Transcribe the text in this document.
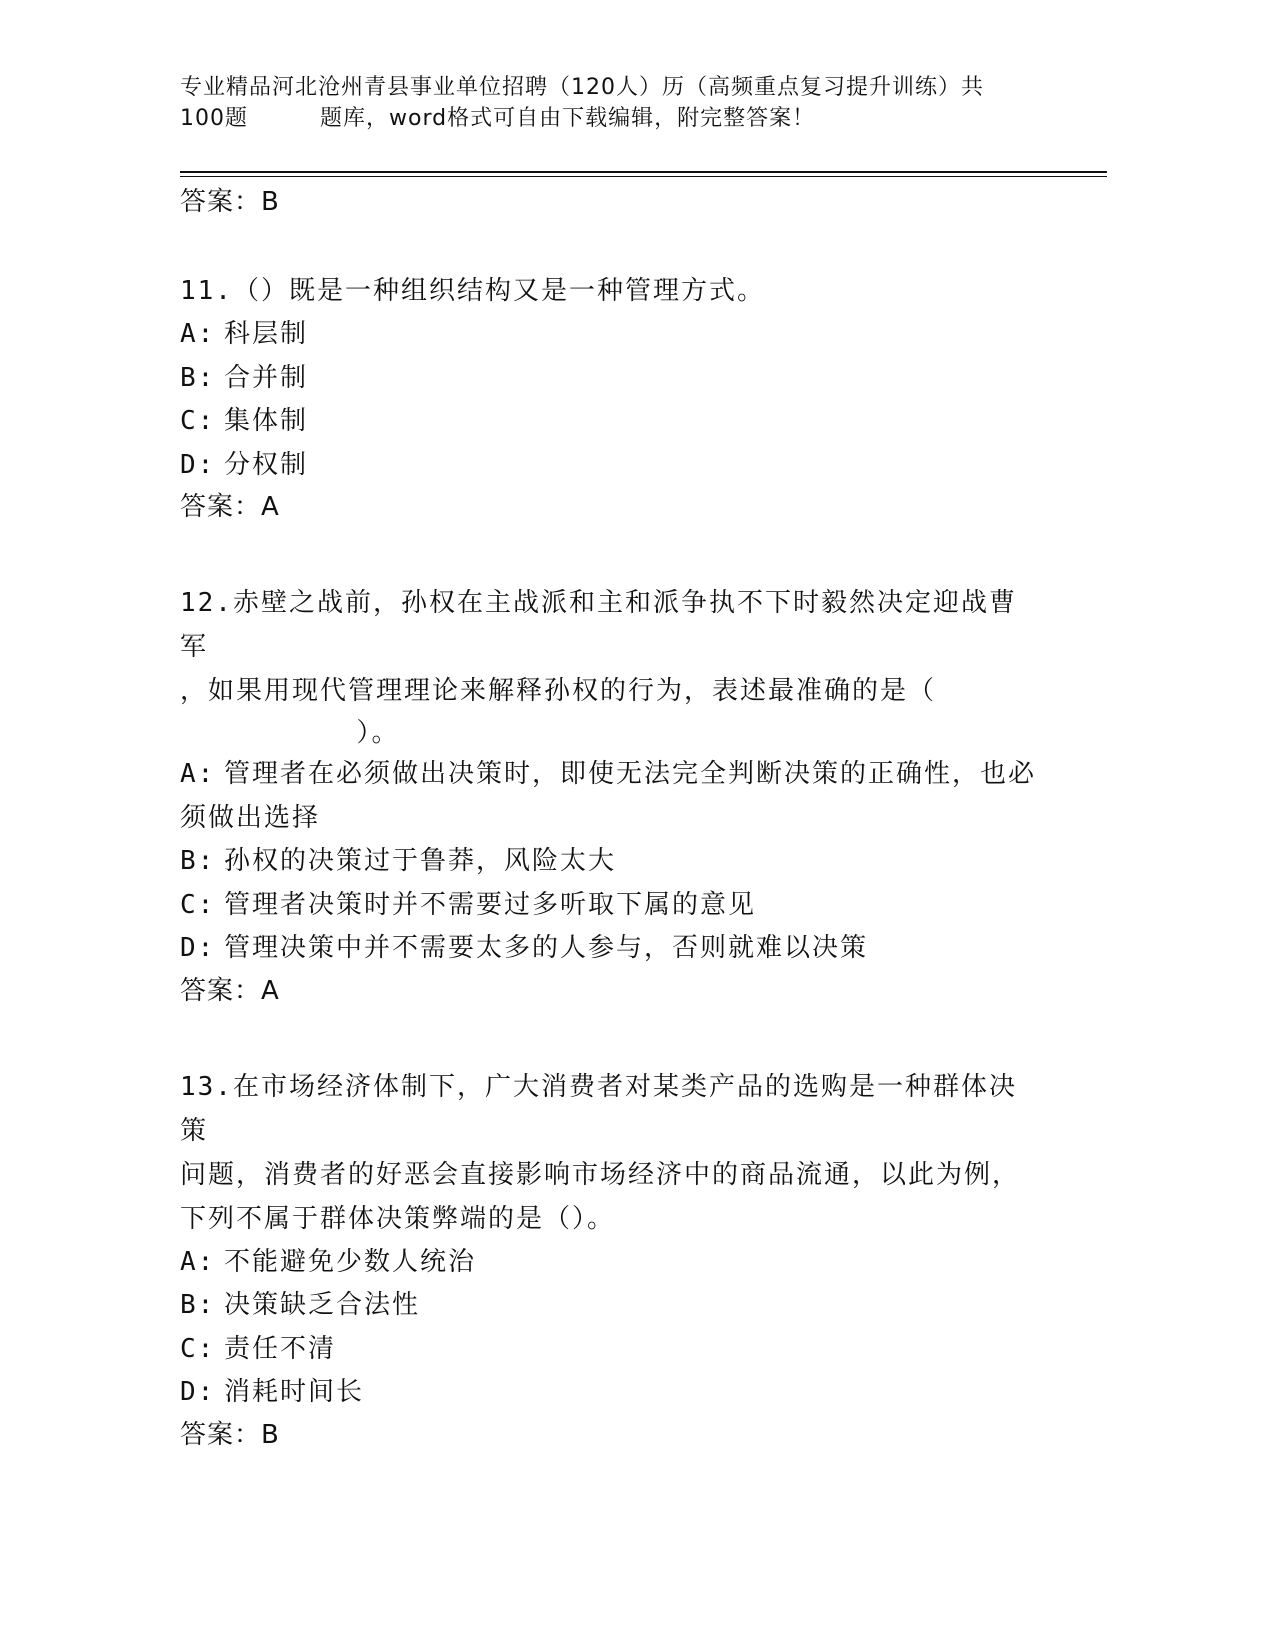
专业精品河北沧州青县事业单位招聘（120人）历（高频重点复习提升训练）共
100题	题库，word格式可自由下载编辑，附完整答案！

答案：B

11.（）既是一种组织结构又是一种管理方式。

A: 科层制

B: 合并制

C: 集体制

D: 分权制

答案：A

12.赤壁之战前，孙权在主战派和主和派争执不下时毅然决定迎战曹军

，如果用现代管理理论来解释孙权的行为，表述最准确的是（

）。

A: 管理者在必须做出决策时，即使无法完全判断决策的正确性，也必

须做出选择

B: 孙权的决策过于鲁莽，风险太大

C: 管理者决策时并不需要过多听取下属的意见

D: 管理决策中并不需要太多的人参与，否则就难以决策

答案：A

13.在市场经济体制下，广大消费者对某类产品的选购是一种群体决策

问题，消费者的好恶会直接影响市场经济中的商品流通，以此为例，

下列不属于群体决策弊端的是（）。

A: 不能避免少数人统治

B: 决策缺乏合法性

C: 责任不清

D: 消耗时间长

答案：B
